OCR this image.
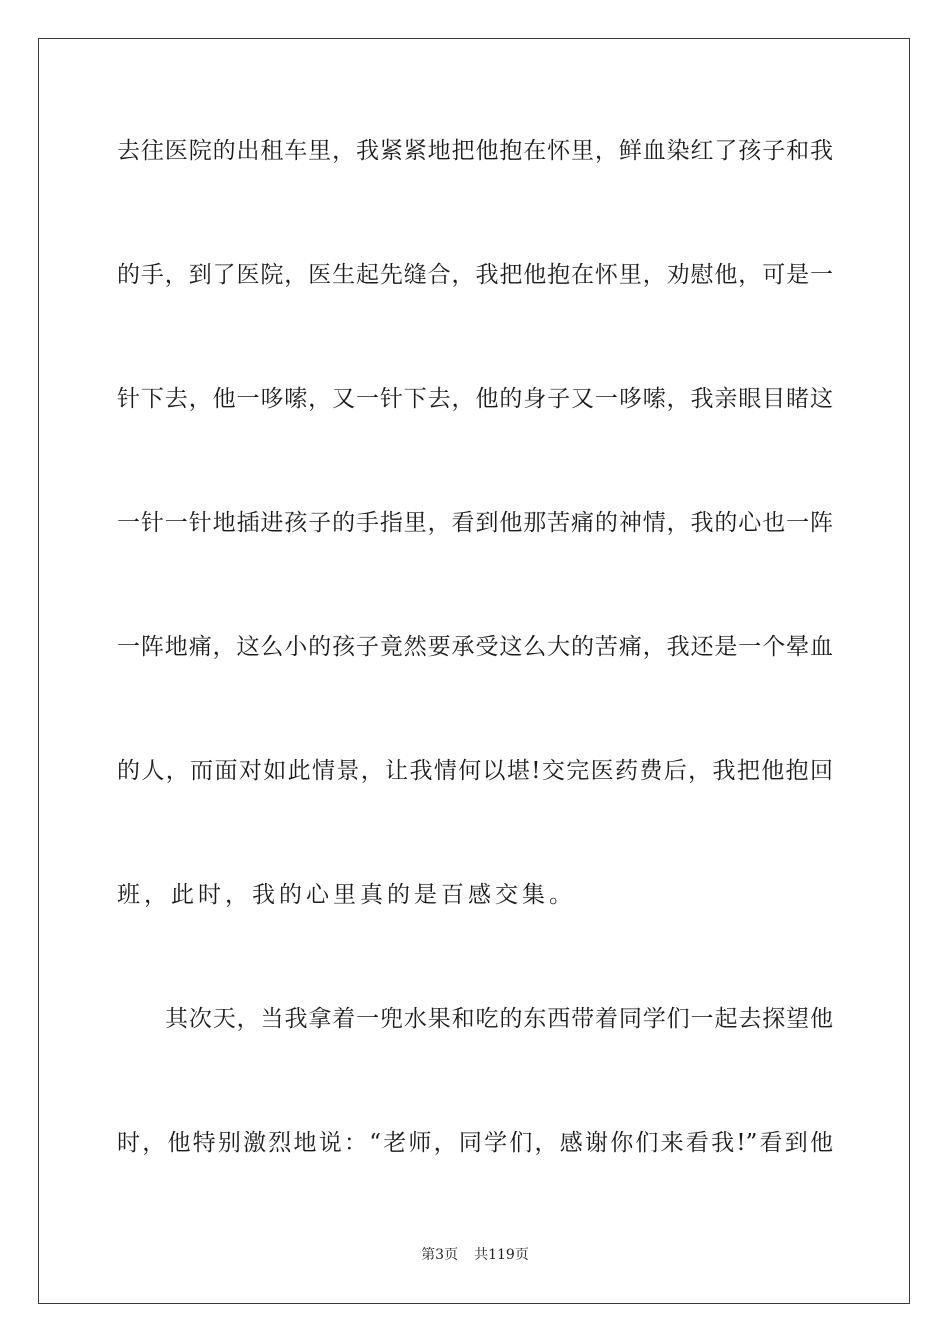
去往医院的出租车里，我紧紧地把他抱在怀里，鲜血染红了孩子和我
的手，到了医院，医生起先缝合，我把他抱在怀里，劝慰他，可是一
针下去，他一哆嗦，又一针下去，他的身子又一哆嗦，我亲眼目睹这
一针一针地插进孩子的手指里，看到他那苦痛的神情，我的心也一阵
一阵地痛，这么小的孩子竟然要承受这么大的苦痛，我还是一个晕血
的人，而面对如此情景，让我情何以堪!交完医药费后，我把他抱回
班，此时，我的心里真的是百感交集。
其次天，当我拿着一兜水果和吃的东西带着同学们一起去探望他
时，他特别激烈地说：“老师，同学们，感谢你们来看我!”看到他
第3页 共119页
